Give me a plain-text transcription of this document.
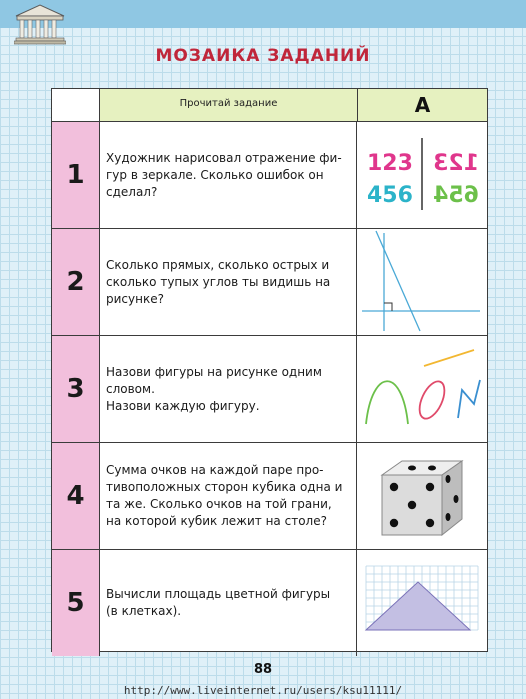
МОЗАИКА ЗАДАНИЙ
Прочитай задание	А
1
Художник нарисовал отражение фи-
гур в зеркале. Сколько ошибок он
сделал?
123
456
123
654
2
Сколько прямых, сколько острых и
сколько тупых углов ты видишь на
рисунке?
3
Назови фигуры на рисунке одним
словом.
Назови каждую фигуру.
4
Сумма очков на каждой паре про-
тивоположных сторон кубика одна и
та же. Сколько очков на той грани,
на которой кубик лежит на столе?
5	Вычисли площадь цветной фигуры
(в клетках).
88
http://www.liveinternet.ru/users/ksu11111/
